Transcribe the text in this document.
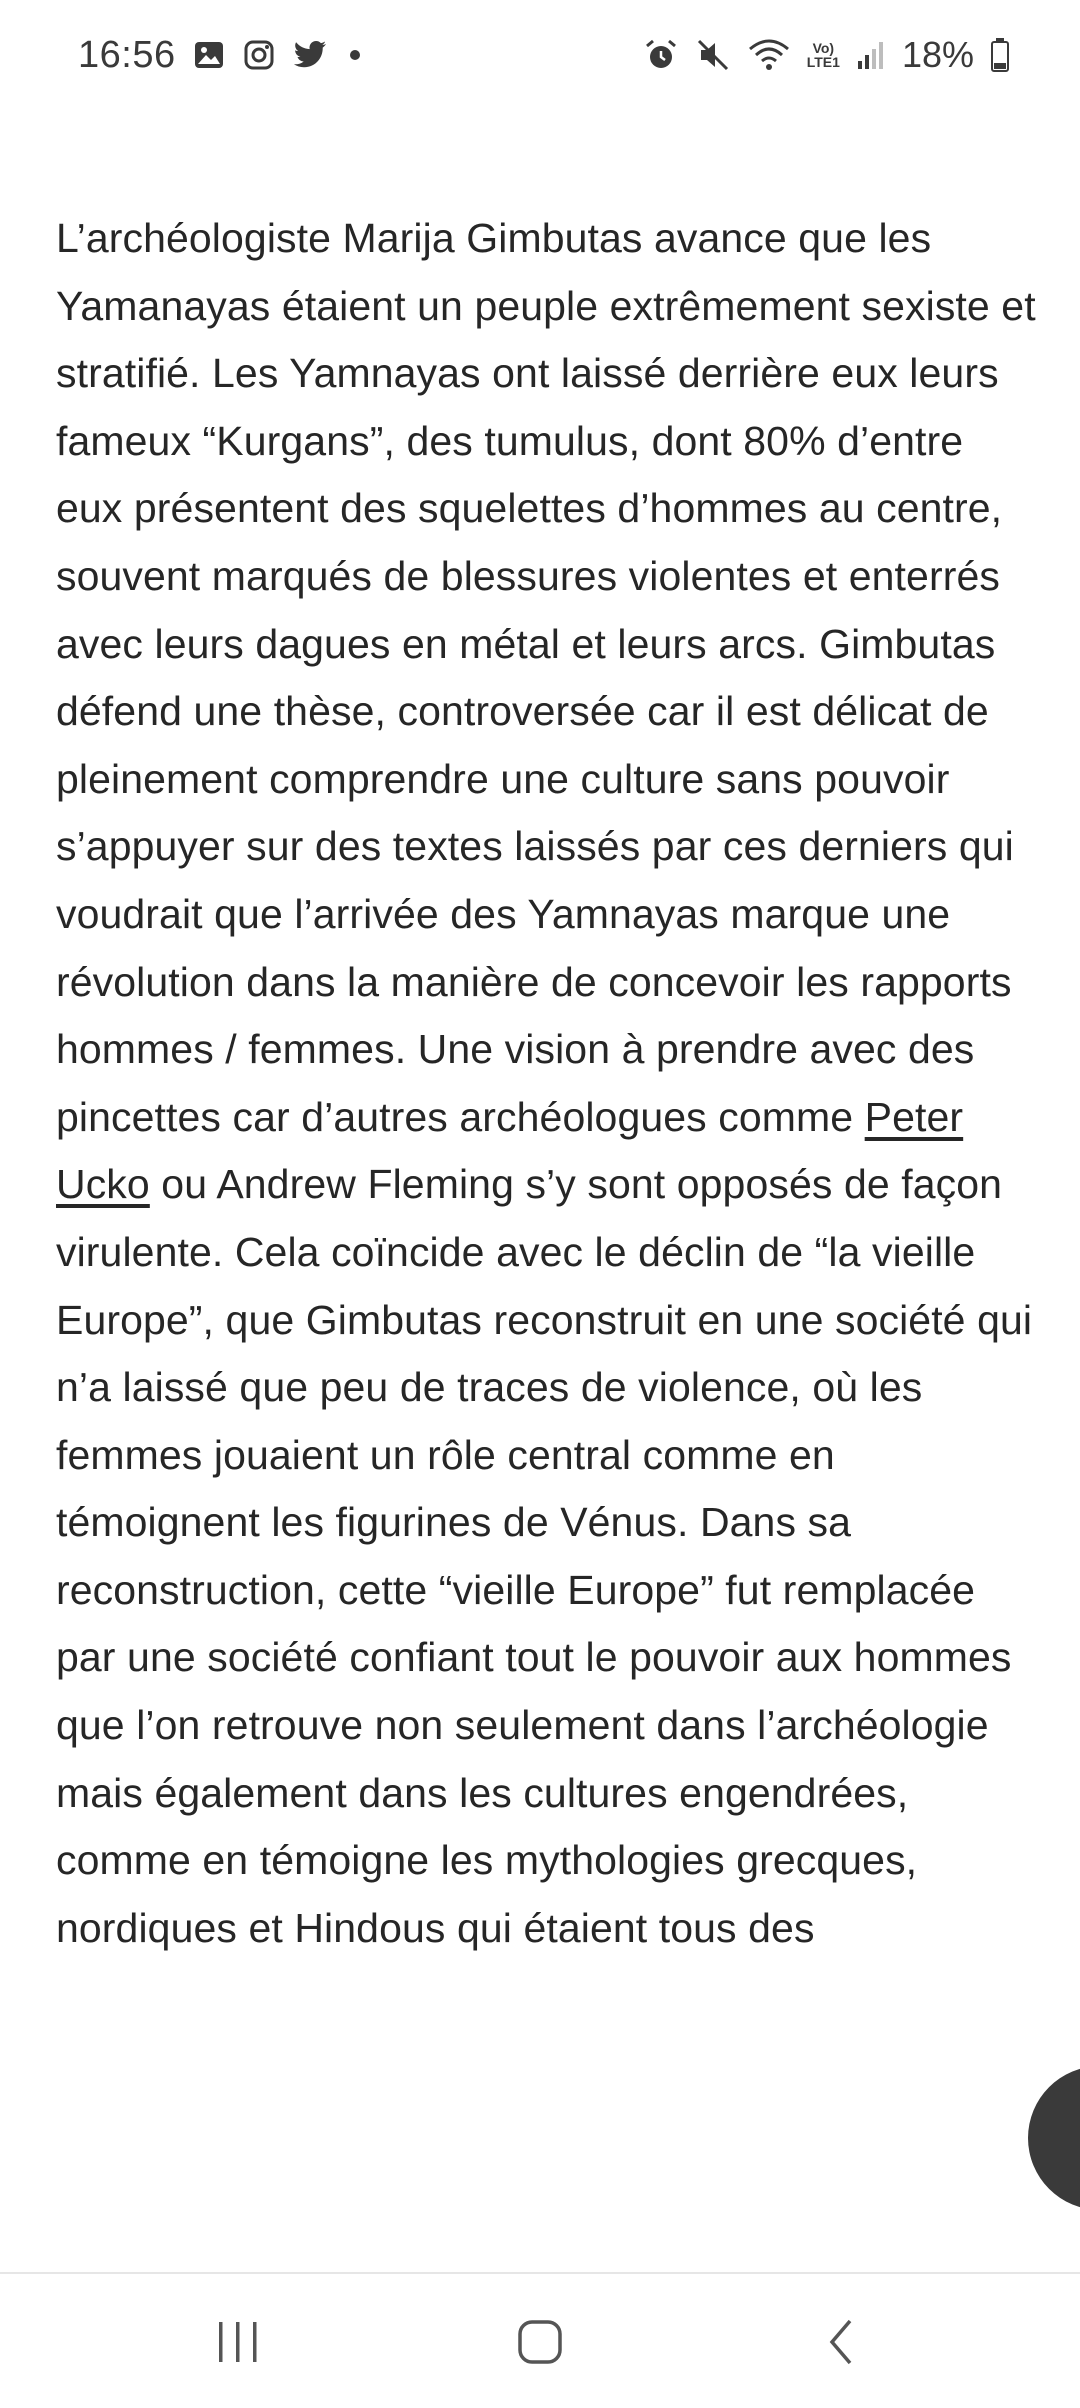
16:56	Vo)
LTE1 18%

L’archéologiste Marija Gimbutas avance que les Yamanayas étaient un peuple extrêmement sexiste et stratifié. Les Yamnayas ont laissé derrière eux leurs fameux “Kurgans”, des tumulus, dont 80% d’entre eux présentent des squelettes d’hommes au centre, souvent marqués de blessures violentes et enterrés avec leurs dagues en métal et leurs arcs. Gimbutas défend une thèse, controversée car il est délicat de pleinement comprendre une culture sans pouvoir s’appuyer sur des textes laissés par ces derniers qui voudrait que l’arrivée des Yamnayas marque une révolution dans la manière de concevoir les rapports hommes / femmes. Une vision à prendre avec des pincettes car d’autres archéologues comme Peter Ucko ou Andrew Fleming s’y sont opposés de façon virulente. Cela coïncide avec le déclin de “la vieille Europe”, que Gimbutas reconstruit en une société qui n’a laissé que peu de traces de violence, où les femmes jouaient un rôle central comme en témoignent les figurines de Vénus. Dans sa reconstruction, cette “vieille Europe” fut remplacée par une société confiant tout le pouvoir aux hommes que l’on retrouve non seulement dans l’archéologie mais également dans les cultures engendrées, comme en témoigne les mythologies grecques, nordiques et Hindous qui étaient tous des
